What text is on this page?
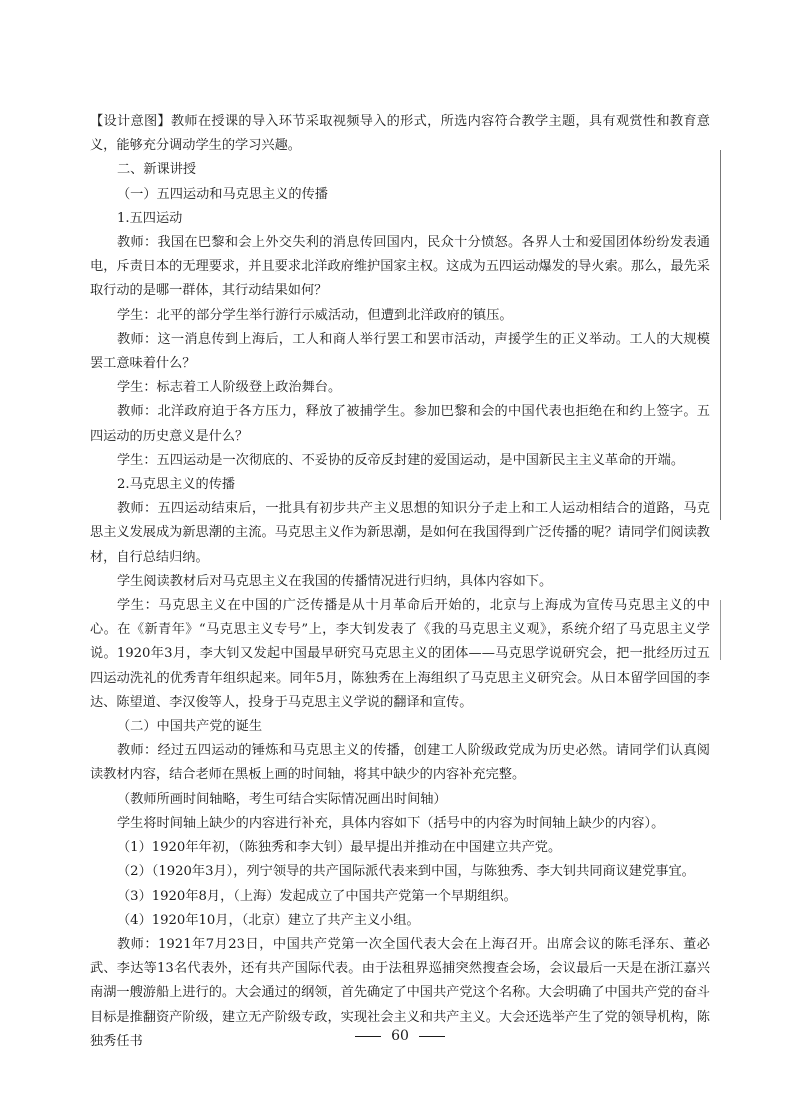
【设计意图】教师在授课的导入环节采取视频导入的形式，所选内容符合教学主题，具有观赏性和教育意义，能够充分调动学生的学习兴趣。

二、新课讲授

（一）五四运动和马克思主义的传播

1.五四运动

教师：我国在巴黎和会上外交失利的消息传回国内，民众十分愤怒。各界人士和爱国团体纷纷发表通电，斥责日本的无理要求，并且要求北洋政府维护国家主权。这成为五四运动爆发的导火索。那么，最先采取行动的是哪一群体，其行动结果如何？

学生：北平的部分学生举行游行示威活动，但遭到北洋政府的镇压。

教师：这一消息传到上海后，工人和商人举行罢工和罢市活动，声援学生的正义举动。工人的大规模罢工意味着什么？

学生：标志着工人阶级登上政治舞台。

教师：北洋政府迫于各方压力，释放了被捕学生。参加巴黎和会的中国代表也拒绝在和约上签字。五四运动的历史意义是什么？

学生：五四运动是一次彻底的、不妥协的反帝反封建的爱国运动，是中国新民主主义革命的开端。

2.马克思主义的传播

教师：五四运动结束后，一批具有初步共产主义思想的知识分子走上和工人运动相结合的道路，马克思主义发展成为新思潮的主流。马克思主义作为新思潮，是如何在我国得到广泛传播的呢？请同学们阅读教材，自行总结归纳。

学生阅读教材后对马克思主义在我国的传播情况进行归纳，具体内容如下。

学生：马克思主义在中国的广泛传播是从十月革命后开始的，北京与上海成为宣传马克思主义的中心。在《新青年》“马克思主义专号”上，李大钊发表了《我的马克思主义观》，系统介绍了马克思主义学说。1920年3月，李大钊又发起中国最早研究马克思主义的团体——马克思学说研究会，把一批经历过五四运动洗礼的优秀青年组织起来。同年5月，陈独秀在上海组织了马克思主义研究会。从日本留学回国的李达、陈望道、李汉俊等人，投身于马克思主义学说的翻译和宣传。

（二）中国共产党的诞生

教师：经过五四运动的锤炼和马克思主义的传播，创建工人阶级政党成为历史必然。请同学们认真阅读教材内容，结合老师在黑板上画的时间轴，将其中缺少的内容补充完整。

（教师所画时间轴略，考生可结合实际情况画出时间轴）

学生将时间轴上缺少的内容进行补充，具体内容如下（括号中的内容为时间轴上缺少的内容）。

（1）1920年年初，（陈独秀和李大钊）最早提出并推动在中国建立共产党。

（2）（1920年3月），列宁领导的共产国际派代表来到中国，与陈独秀、李大钊共同商议建党事宜。

（3）1920年8月，（上海）发起成立了中国共产党第一个早期组织。

（4）1920年10月，（北京）建立了共产主义小组。

教师：1921年7月23日，中国共产党第一次全国代表大会在上海召开。出席会议的陈毛泽东、董必武、李达等13名代表外，还有共产国际代表。由于法租界巡捕突然搜查会场，会议最后一天是在浙江嘉兴南湖一艘游船上进行的。大会通过的纲领，首先确定了中国共产党这个名称。大会明确了中国共产党的奋斗目标是推翻资产阶级，建立无产阶级专政，实现社会主义和共产主义。大会还选举产生了党的领导机构，陈独秀任书	60
